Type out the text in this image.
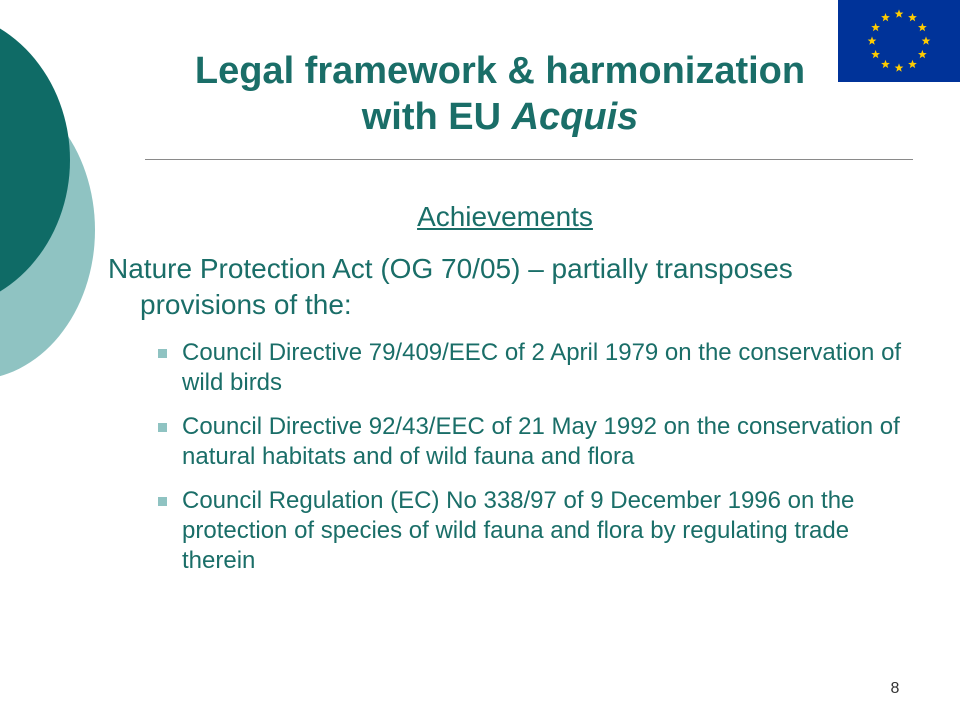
Legal framework & harmonization
with EU Acquis
Achievements
Nature Protection Act (OG 70/05) – partially transposes provisions of the:
Council Directive 79/409/EEC of 2 April 1979 on the conservation of wild birds
Council Directive 92/43/EEC of 21 May 1992 on the conservation of natural habitats and of wild fauna and flora
Council Regulation (EC) No 338/97 of 9 December 1996 on the protection of species of wild fauna and flora by regulating trade therein
8
